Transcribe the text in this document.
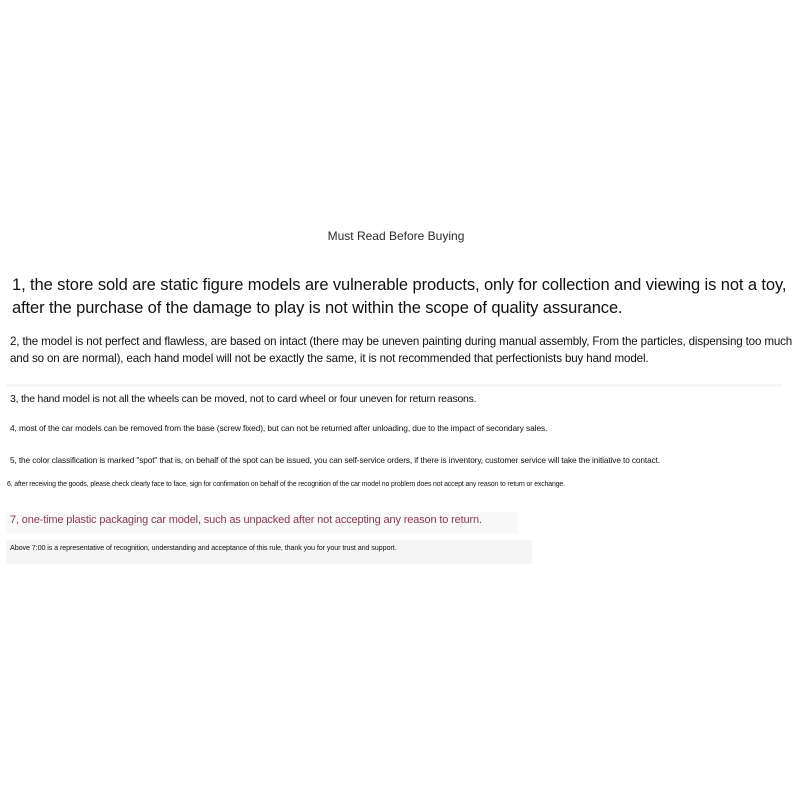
Must Read Before Buying

1, the store sold are static figure models are vulnerable products, only for collection and viewing is not a toy, after the purchase of the damage to play is not within the scope of quality assurance.

2, the model is not perfect and flawless, are based on intact (there may be uneven painting during manual assembly, From the particles, dispensing too much and so on are normal), each hand model will not be exactly the same, it is not recommended that perfectionists buy hand model.

3, the hand model is not all the wheels can be moved, not to card wheel or four uneven for return reasons.

4, most of the car models can be removed from the base (screw fixed), but can not be returned after unloading, due to the impact of secondary sales.

5, the color classification is marked "spot" that is, on behalf of the spot can be issued, you can self-service orders, if there is inventory, customer service will take the initiative to contact.

6, after receiving the goods, please check clearly face to face, sign for confirmation on behalf of the recognition of the car model no problem does not accept any reason to return or exchange.

7, one-time plastic packaging car model, such as unpacked after not accepting any reason to return.

Above 7:00 is a representative of recognition, understanding and acceptance of this rule, thank you for your trust and support.
